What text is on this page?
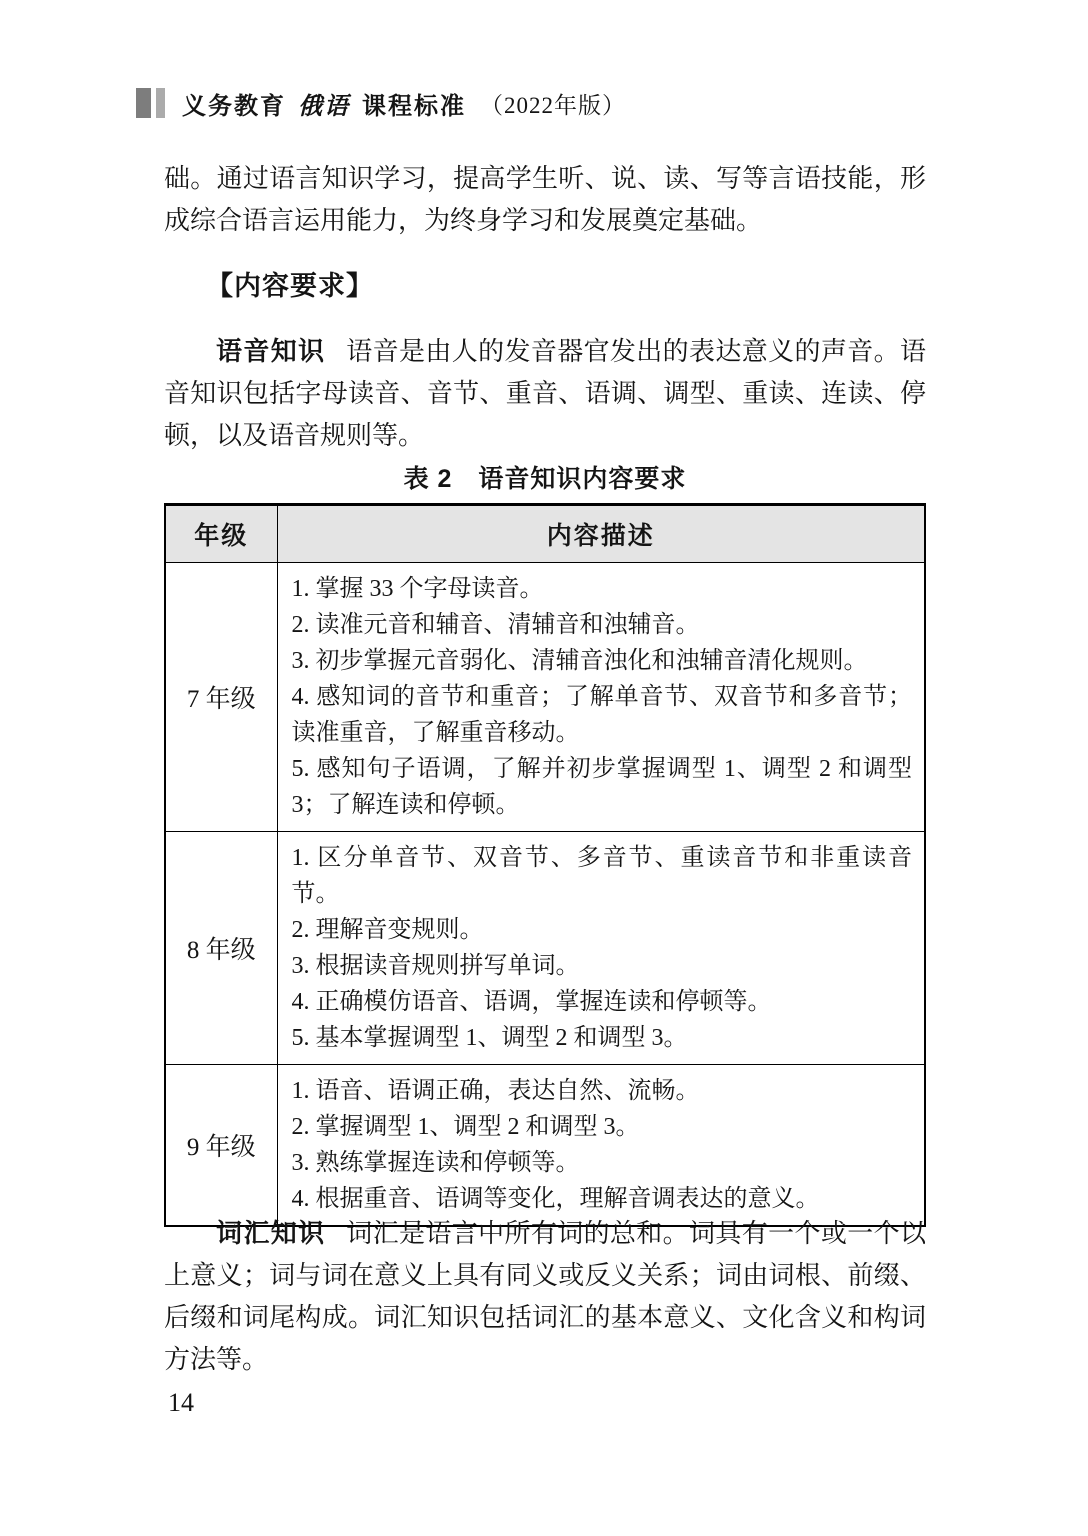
义务教育 俄语 课程标准 （2022年版）

础。通过语言知识学习，提高学生听、说、读、写等言语技能，形成综合语言运用能力，为终身学习和发展奠定基础。

【内容要求】

语音知识 语音是由人的发音器官发出的表达意义的声音。语音知识包括字母读音、音节、重音、语调、调型、重读、连读、停顿，以及语音规则等。

表 2　语音知识内容要求
年级	内容描述
7 年级	1. 掌握 33 个字母读音。
2. 读准元音和辅音、清辅音和浊辅音。
3. 初步掌握元音弱化、清辅音浊化和浊辅音清化规则。
4. 感知词的音节和重音；了解单音节、双音节和多音节；读准重音，了解重音移动。
5. 感知句子语调，了解并初步掌握调型 1、调型 2 和调型 3；了解连读和停顿。

8 年级	1. 区分单音节、双音节、多音节、重读音节和非重读音节。
2. 理解音变规则。
3. 根据读音规则拼写单词。
4. 正确模仿语音、语调，掌握连读和停顿等。
5. 基本掌握调型 1、调型 2 和调型 3。

9 年级	1. 语音、语调正确，表达自然、流畅。
2. 掌握调型 1、调型 2 和调型 3。
3. 熟练掌握连读和停顿等。
4. 根据重音、语调等变化，理解音调表达的意义。

词汇知识 词汇是语言中所有词的总和。词具有一个或一个以上意义；词与词在意义上具有同义或反义关系；词由词根、前缀、后缀和词尾构成。词汇知识包括词汇的基本意义、文化含义和构词方法等。

14
